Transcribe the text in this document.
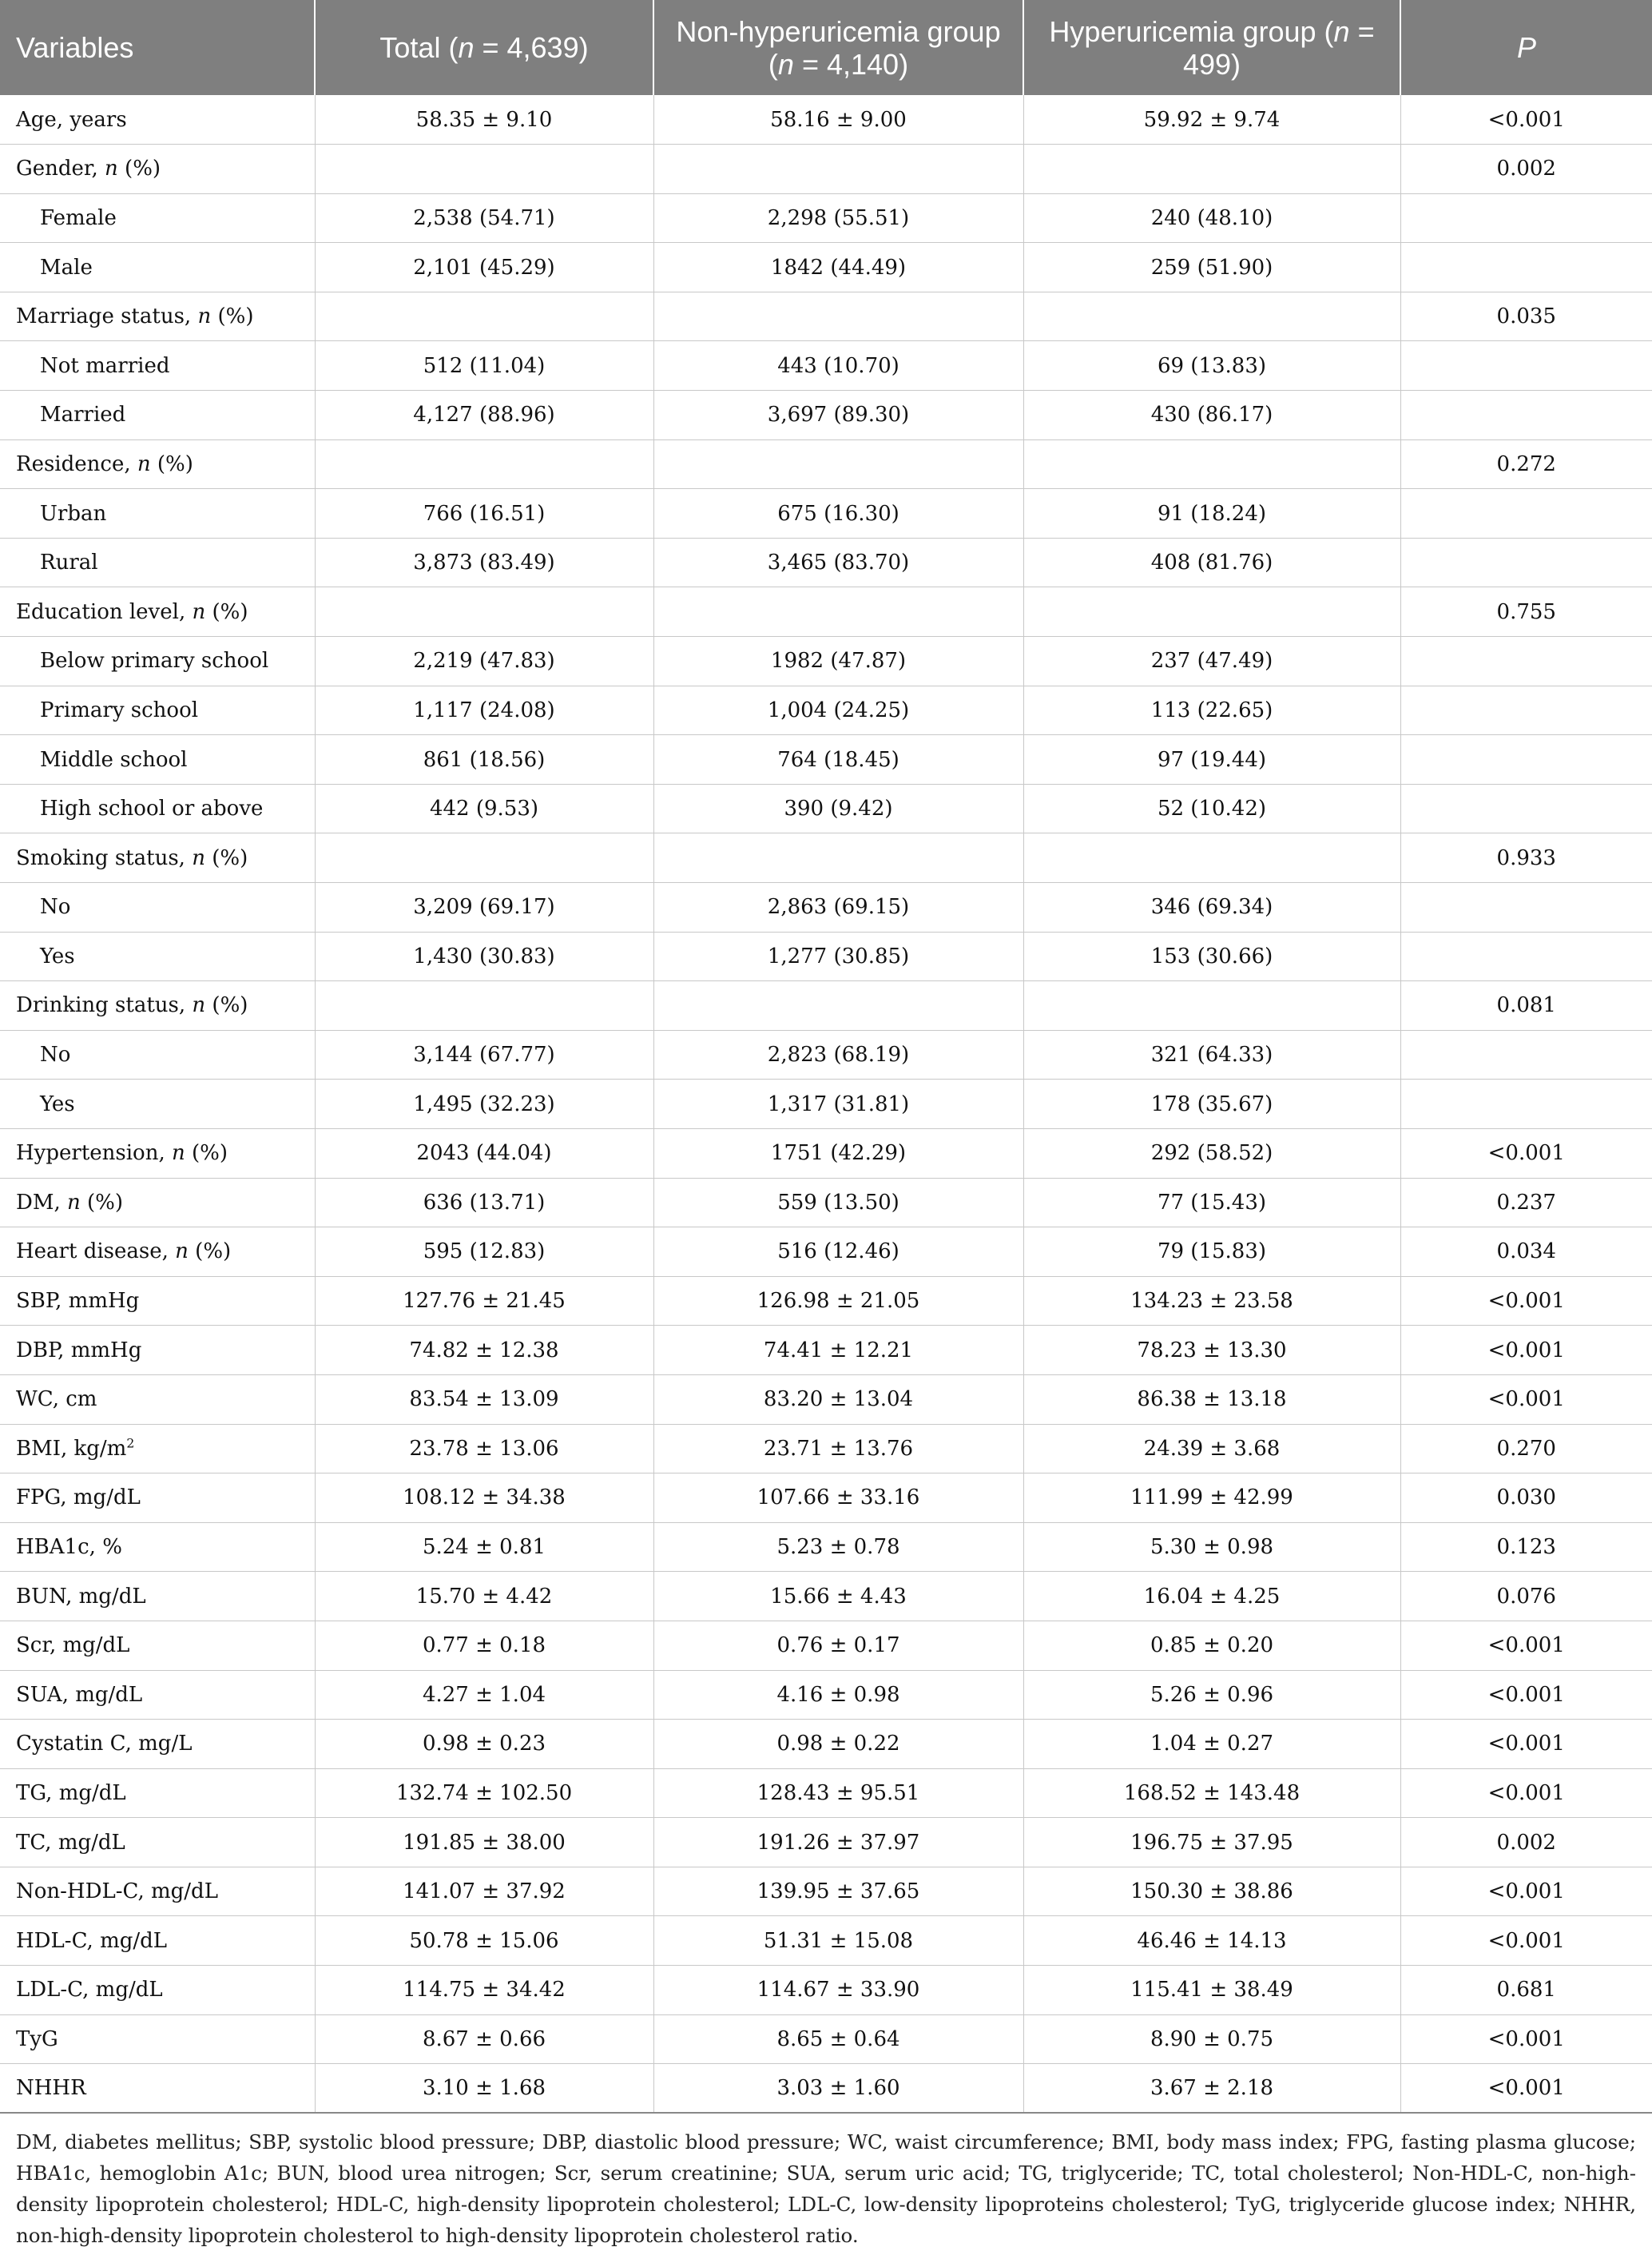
Variables	Total (n = 4,639)	Non-hyperuricemia group (n = 4,140)	Hyperuricemia group (n = 499)	P
Age, years	58.35 ± 9.10	58.16 ± 9.00	59.92 ± 9.74	<0.001
Gender, n (%)				0.002
Female	2,538 (54.71)	2,298 (55.51)	240 (48.10)	
Male	2,101 (45.29)	1842 (44.49)	259 (51.90)	
Marriage status, n (%)				0.035
Not married	512 (11.04)	443 (10.70)	69 (13.83)	
Married	4,127 (88.96)	3,697 (89.30)	430 (86.17)	
Residence, n (%)				0.272
Urban	766 (16.51)	675 (16.30)	91 (18.24)	
Rural	3,873 (83.49)	3,465 (83.70)	408 (81.76)	
Education level, n (%)				0.755
Below primary school	2,219 (47.83)	1982 (47.87)	237 (47.49)	
Primary school	1,117 (24.08)	1,004 (24.25)	113 (22.65)	
Middle school	861 (18.56)	764 (18.45)	97 (19.44)	
High school or above	442 (9.53)	390 (9.42)	52 (10.42)	
Smoking status, n (%)				0.933
No	3,209 (69.17)	2,863 (69.15)	346 (69.34)	
Yes	1,430 (30.83)	1,277 (30.85)	153 (30.66)	
Drinking status, n (%)				0.081
No	3,144 (67.77)	2,823 (68.19)	321 (64.33)	
Yes	1,495 (32.23)	1,317 (31.81)	178 (35.67)	
Hypertension, n (%)	2043 (44.04)	1751 (42.29)	292 (58.52)	<0.001
DM, n (%)	636 (13.71)	559 (13.50)	77 (15.43)	0.237
Heart disease, n (%)	595 (12.83)	516 (12.46)	79 (15.83)	0.034
SBP, mmHg	127.76 ± 21.45	126.98 ± 21.05	134.23 ± 23.58	<0.001
DBP, mmHg	74.82 ± 12.38	74.41 ± 12.21	78.23 ± 13.30	<0.001
WC, cm	83.54 ± 13.09	83.20 ± 13.04	86.38 ± 13.18	<0.001
BMI, $kg/m^2$	23.78 ± 13.06	23.71 ± 13.76	24.39 ± 3.68	0.270
FPG, mg/dL	108.12 ± 34.38	107.66 ± 33.16	111.99 ± 42.99	0.030
HBA1c, %	5.24 ± 0.81	5.23 ± 0.78	5.30 ± 0.98	0.123
BUN, mg/dL	15.70 ± 4.42	15.66 ± 4.43	16.04 ± 4.25	0.076
Scr, mg/dL	0.77 ± 0.18	0.76 ± 0.17	0.85 ± 0.20	<0.001
SUA, mg/dL	4.27 ± 1.04	4.16 ± 0.98	5.26 ± 0.96	<0.001
Cystatin C, mg/L	0.98 ± 0.23	0.98 ± 0.22	1.04 ± 0.27	<0.001
TG, mg/dL	132.74 ± 102.50	128.43 ± 95.51	168.52 ± 143.48	<0.001
TC, mg/dL	191.85 ± 38.00	191.26 ± 37.97	196.75 ± 37.95	0.002
Non-HDL-C, mg/dL	141.07 ± 37.92	139.95 ± 37.65	150.30 ± 38.86	<0.001
HDL-C, mg/dL	50.78 ± 15.06	51.31 ± 15.08	46.46 ± 14.13	<0.001
LDL-C, mg/dL	114.75 ± 34.42	114.67 ± 33.90	115.41 ± 38.49	0.681
TyG	8.67 ± 0.66	8.65 ± 0.64	8.90 ± 0.75	<0.001
NHHR	3.10 ± 1.68	3.03 ± 1.60	3.67 ± 2.18	<0.001
DM, diabetes mellitus; SBP, systolic blood pressure; DBP, diastolic blood pressure; WC, waist circumference; BMI, body mass index; FPG, fasting plasma glucose; HBA1c, hemoglobin A1c; BUN, blood urea nitrogen; Scr, serum creatinine; SUA, serum uric acid; TG, triglyceride; TC, total cholesterol; Non-HDL-C, non-high-density lipoprotein cholesterol; HDL-C, high-density lipoprotein cholesterol; LDL-C, low-density lipoproteins cholesterol; TyG, triglyceride glucose index; NHHR, non-high-density lipoprotein cholesterol to high-density lipoprotein cholesterol ratio.
